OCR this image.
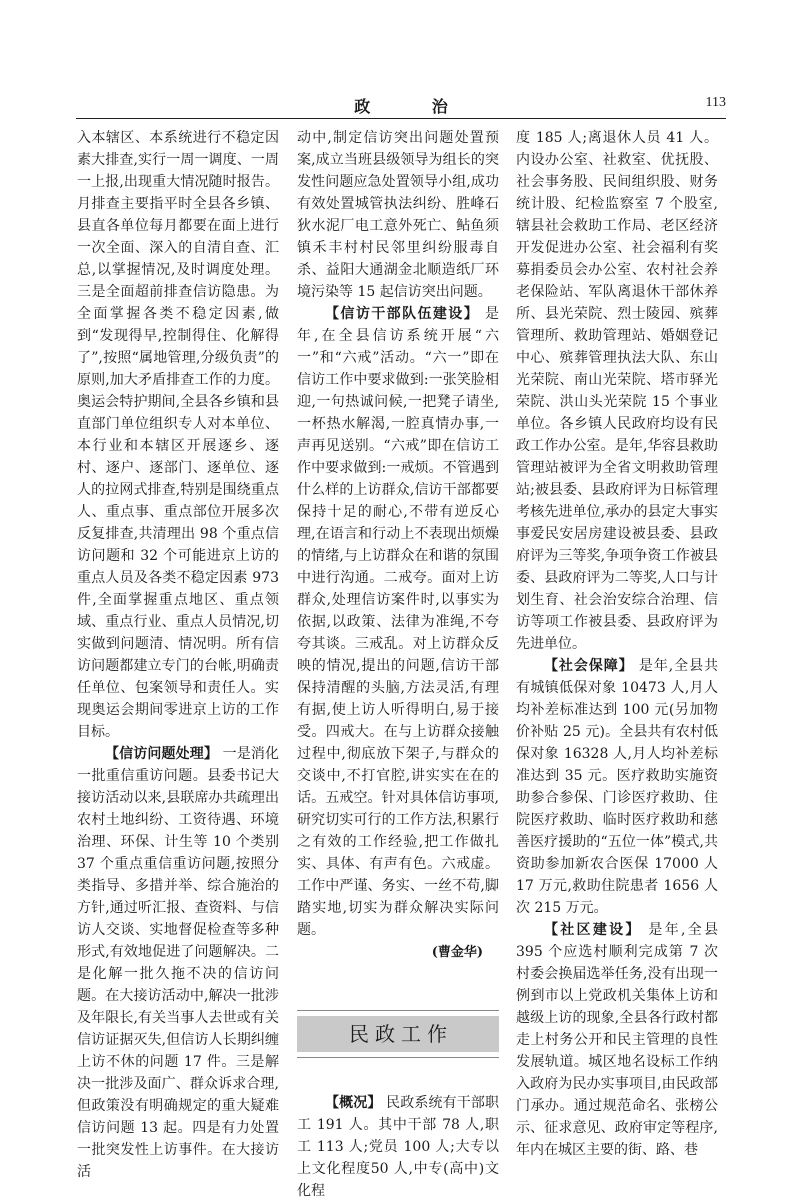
政 治	113

入本辖区、本系统进行不稳定因素大排查,实行一周一调度、一周一上报,出现重大情况随时报告。月排查主要指平时全县各乡镇、县直各单位每月都要在面上进行一次全面、深入的自清自查、汇总,以掌握情况,及时调度处理。三是全面超前排查信访隐患。为全面掌握各类不稳定因素,做到“发现得早,控制得住、化解得了”,按照“属地管理,分级负责”的原则,加大矛盾排查工作的力度。奥运会特护期间,全县各乡镇和县直部门单位组织专人对本单位、本行业和本辖区开展逐乡、逐村、逐户、逐部门、逐单位、逐人的拉网式排查,特别是围绕重点人、重点事、重点部位开展多次反复排查,共清理出 98 个重点信访问题和 32 个可能进京上访的重点人员及各类不稳定因素 973 件,全面掌握重点地区、重点领域、重点行业、重点人员情况,切实做到问题清、情况明。所有信访问题都建立专门的台帐,明确责任单位、包案领导和责任人。实现奥运会期间零进京上访的工作目标。

【信访问题处理】 一是消化一批重信重访问题。县委书记大接访活动以来,县联席办共疏理出农村土地纠纷、工资待遇、环境治理、环保、计生等 10 个类别 37 个重点重信重访问题,按照分类指导、多措并举、综合施治的方针,通过听汇报、查资料、与信访人交谈、实地督促检查等多种形式,有效地促进了问题解决。二是化解一批久拖不决的信访问题。在大接访活动中,解决一批涉及年限长,有关当事人去世或有关信访证据灭失,但信访人长期纠缠上访不休的问题 17 件。三是解决一批涉及面广、群众诉求合理,但政策没有明确规定的重大疑难信访问题 13 起。四是有力处置一批突发性上访事件。在大接访活

动中,制定信访突出问题处置预案,成立当班县级领导为组长的突发性问题应急处置领导小组,成功有效处置城管执法纠纷、胜峰石狄水泥厂电工意外死亡、鲇鱼须镇禾丰村村民邻里纠纷服毒自杀、益阳大通湖金北顺造纸厂环境污染等 15 起信访突出问题。

【信访干部队伍建设】 是年,在全县信访系统开展“六一”和“六戒”活动。“六一”即在信访工作中要求做到:一张笑脸相迎,一句热诚问候,一把凳子请坐,一杯热水解渴,一腔真情办事,一声再见送别。“六戒”即在信访工作中要求做到:一戒烦。不管遇到什么样的上访群众,信访干部都要保持十足的耐心,不带有逆反心理,在语言和行动上不表现出烦燥的情绪,与上访群众在和谐的氛围中进行沟通。二戒夸。面对上访群众,处理信访案件时,以事实为依据,以政策、法律为准绳,不夸夸其谈。三戒乱。对上访群众反映的情况,提出的问题,信访干部保持清醒的头脑,方法灵活,有理有据,使上访人听得明白,易于接受。四戒大。在与上访群众接触过程中,彻底放下架子,与群众的交谈中,不打官腔,讲实实在在的话。五戒空。针对具体信访事项,研究切实可行的工作方法,积累行之有效的工作经验,把工作做扎实、具体、有声有色。六戒虚。工作中严谨、务实、一丝不苟,脚踏实地,切实为群众解决实际问题。

(曹金华)

民政工作

【概况】 民政系统有干部职工 191 人。其中干部 78 人,职工 113 人;党员 100 人;大专以上文化程度50 人,中专(高中)文化程

度 185 人;离退休人员 41 人。内设办公室、社救室、优抚股、社会事务股、民间组织股、财务统计股、纪检监察室 7 个股室,辖县社会救助工作局、老区经济开发促进办公室、社会福利有奖募捐委员会办公室、农村社会养老保险站、军队离退休干部休养所、县光荣院、烈士陵园、殡葬管理所、救助管理站、婚姻登记中心、殡葬管理执法大队、东山光荣院、南山光荣院、塔市驿光荣院、洪山头光荣院 15 个事业单位。各乡镇人民政府均设有民政工作办公室。是年,华容县救助管理站被评为全省文明救助管理站;被县委、县政府评为日标管理考核先进单位,承办的县定大事实事爱民安居房建设被县委、县政府评为三等奖,争项争资工作被县委、县政府评为二等奖,人口与计划生育、社会治安综合治理、信访等项工作被县委、县政府评为先进单位。

【社会保障】 是年,全县共有城镇低保对象 10473 人,月人均补差标准达到 100 元(另加物价补贴 25 元)。全县共有农村低保对象 16328 人,月人均补差标准达到 35 元。医疗救助实施资助参合参保、门诊医疗救助、住院医疗救助、临时医疗救助和慈善医疗援助的“五位一体”模式,共资助参加新农合医保 17000 人 17 万元,救助住院患者 1656 人次 215 万元。

【社区建设】 是年,全县 395 个应选村顺利完成第 7 次村委会换届选举任务,没有出现一例到市以上党政机关集体上访和越级上访的现象,全县各行政村都走上村务公开和民主管理的良性发展轨道。城区地名设标工作纳入政府为民办实事项目,由民政部门承办。通过规范命名、张榜公示、征求意见、政府审定等程序,年内在城区主要的街、路、巷
